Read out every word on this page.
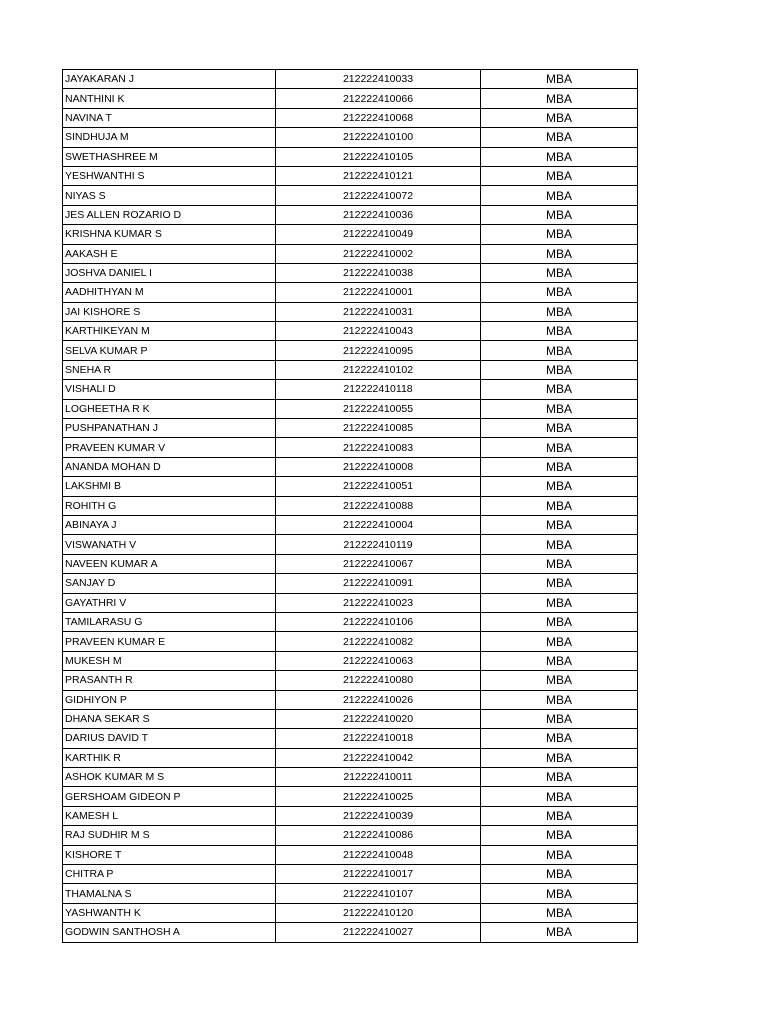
JAYAKARAN J	212222410033	MBA
NANTHINI K	212222410066	MBA
NAVINA T	212222410068	MBA
SINDHUJA M	212222410100	MBA
SWETHASHREE M	212222410105	MBA
YESHWANTHI S	212222410121	MBA
NIYAS S	212222410072	MBA
JES ALLEN ROZARIO D	212222410036	MBA
KRISHNA KUMAR S	212222410049	MBA
AAKASH E	212222410002	MBA
JOSHVA DANIEL I	212222410038	MBA
AADHITHYAN M	212222410001	MBA
JAI KISHORE S	212222410031	MBA
KARTHIKEYAN M	212222410043	MBA
SELVA KUMAR P	212222410095	MBA
SNEHA R	212222410102	MBA
VISHALI D	212222410118	MBA
LOGHEETHA R K	212222410055	MBA
PUSHPANATHAN J	212222410085	MBA
PRAVEEN KUMAR V	212222410083	MBA
ANANDA MOHAN D	212222410008	MBA
LAKSHMI B	212222410051	MBA
ROHITH G	212222410088	MBA
ABINAYA J	212222410004	MBA
VISWANATH V	212222410119	MBA
NAVEEN KUMAR A	212222410067	MBA
SANJAY D	212222410091	MBA
GAYATHRI V	212222410023	MBA
TAMILARASU G	212222410106	MBA
PRAVEEN KUMAR E	212222410082	MBA
MUKESH M	212222410063	MBA
PRASANTH R	212222410080	MBA
GIDHIYON P	212222410026	MBA
DHANA SEKAR S	212222410020	MBA
DARIUS DAVID T	212222410018	MBA
KARTHIK R	212222410042	MBA
ASHOK KUMAR M S	212222410011	MBA
GERSHOAM GIDEON P	212222410025	MBA
KAMESH L	212222410039	MBA
RAJ SUDHIR M S	212222410086	MBA
KISHORE T	212222410048	MBA
CHITRA P	212222410017	MBA
THAMALNA S	212222410107	MBA
YASHWANTH K	212222410120	MBA
GODWIN SANTHOSH A	212222410027	MBA
